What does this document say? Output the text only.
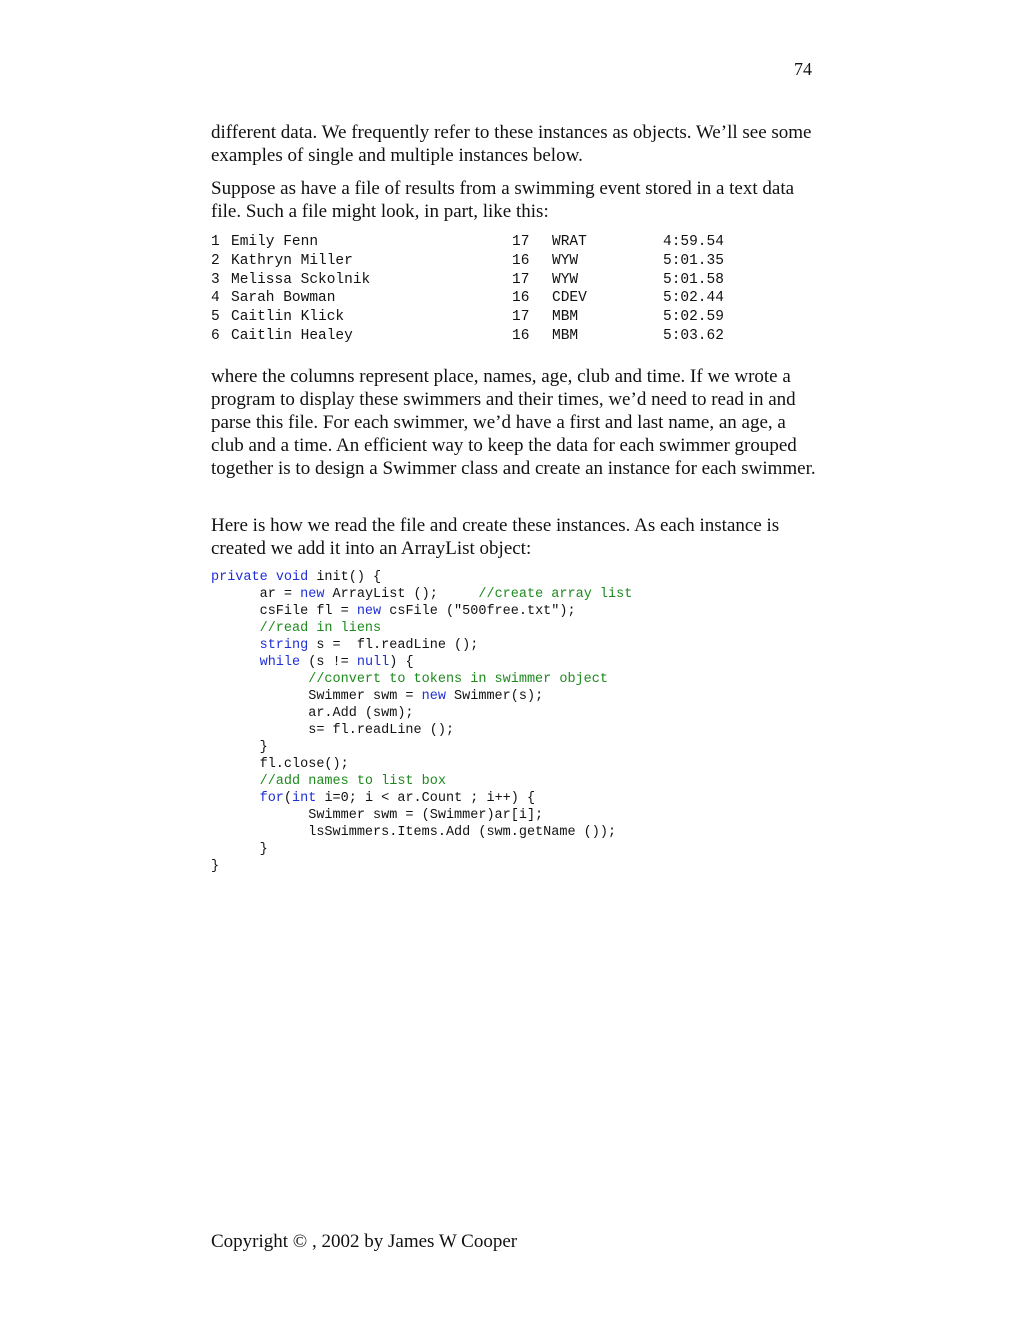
74

different data. We frequently refer to these instances as objects. We’ll see some examples of single and multiple instances below.

Suppose as have a file of results from a swimming event stored in a text data file. Such a file might look, in part, like this:

1 Emily Fenn	17 WRAT	4:59.54
2 Kathryn Miller	16 WYW	5:01.35
3 Melissa Sckolnik	17 WYW	5:01.58
4 Sarah Bowman	16 CDEV	5:02.44
5 Caitlin Klick	17 MBM	5:02.59
6 Caitlin Healey	16 MBM	5:03.62

where the columns represent place, names, age, club and time. If we wrote a program to display these swimmers and their times, we’d need to read in and parse this file. For each swimmer, we’d have a first and last name, an age, a club and a time. An efficient way to keep the data for each swimmer grouped together is to design a Swimmer class and create an instance for each swimmer.

Here is how we read the file and create these instances. As each instance is created we add it into an ArrayList object:

private void init() {
ar = new ArrayList ();     //create array list
csFile fl = new csFile ("500free.txt");
//read in liens
string s =  fl.readLine ();
while (s != null) {
//convert to tokens in swimmer object
Swimmer swm = new Swimmer(s);
ar.Add (swm);
s= fl.readLine ();
}
fl.close();
//add names to list box
for(int i=0; i < ar.Count ; i++) {
Swimmer swm = (Swimmer)ar[i];
lsSwimmers.Items.Add (swm.getName ());
}
}
Copyright © , 2002 by James W Cooper
